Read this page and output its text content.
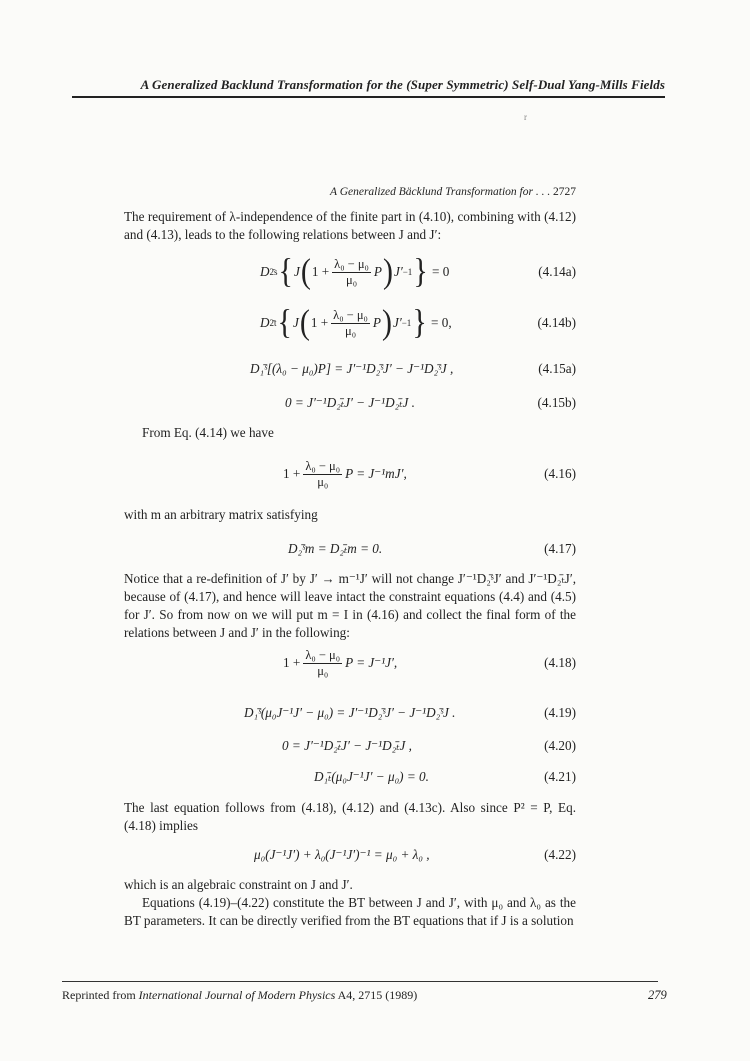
A Generalized Backlund Transformation for the (Super Symmetric) Self-Dual Yang-Mills Fields
r
A Generalized Bäcklund Transformation for . . . 2727

The requirement of λ-independence of the finite part in (4.10), combining with (4.12) and (4.13), leads to the following relations between J and J′:

D 2̄ s { J ( $1 + \frac{\text{λ₀ − μ₀}}{\text{μ₀}}$ P ) J′ −1 }
= 0	(4.14a)
D 2̄t { J ( $1 + \frac{\text{λ₀ − μ₀}}{\text{μ₀}}$ P ) J′ −1 }
= 0,	(4.14b)
D₁̄ˢ[(λ₀ − μ₀)P] = J′⁻¹D₂̄ˢJ′ − J⁻¹D₂̄ˢJ ,	(4.15a)
0 = J′⁻¹D₂̄ₜJ′ − J⁻¹D₂̄ₜJ .	(4.15b)

From Eq. (4.14) we have

$1 + \frac{\text{λ₀ − μ₀}}{\text{μ₀}}$ P = J⁻¹mJ′,	(4.16)

with m an arbitrary matrix satisfying

D₂̄ˢm = D₂̄ₜm = 0.	(4.17)

Notice that a re-definition of J′ by J′ → m⁻¹J′ will not change J′⁻¹D₂̄ˢJ′ and J′⁻¹D₂̄ₜJ′, because of (4.17), and hence will leave intact the constraint equations (4.4) and (4.5) for J′. So from now on we will put m = I in (4.16) and collect the final form of the relations between J and J′ in the following:

$1 + \frac{\text{λ₀ − μ₀}}{\text{μ₀}}$ P = J⁻¹J′,	(4.18)
D₁̄ˢ(μ₀J⁻¹J′ − μ₀) = J′⁻¹D₂̄ˢJ′ − J⁻¹D₂̄ˢJ .	(4.19)
0 = J′⁻¹D₂̄ₜJ′ − J⁻¹D₂̄ₜJ ,	(4.20)
D₁̄ₜ(μ₀J⁻¹J′ − μ₀) = 0.	(4.21)

The last equation follows from (4.18), (4.12) and (4.13c). Also since P² = P, Eq. (4.18) implies

μ₀(J⁻¹J′) + λ₀(J⁻¹J′)⁻¹ = μ₀ + λ₀ ,	(4.22)

which is an algebraic constraint on J and J′.

Equations (4.19)–(4.22) constitute the BT between J and J′, with μ₀ and λ₀ as the BT parameters. It can be directly verified from the BT equations that if J is a solution

Reprinted from International Journal of Modern Physics A4, 2715 (1989)	279
